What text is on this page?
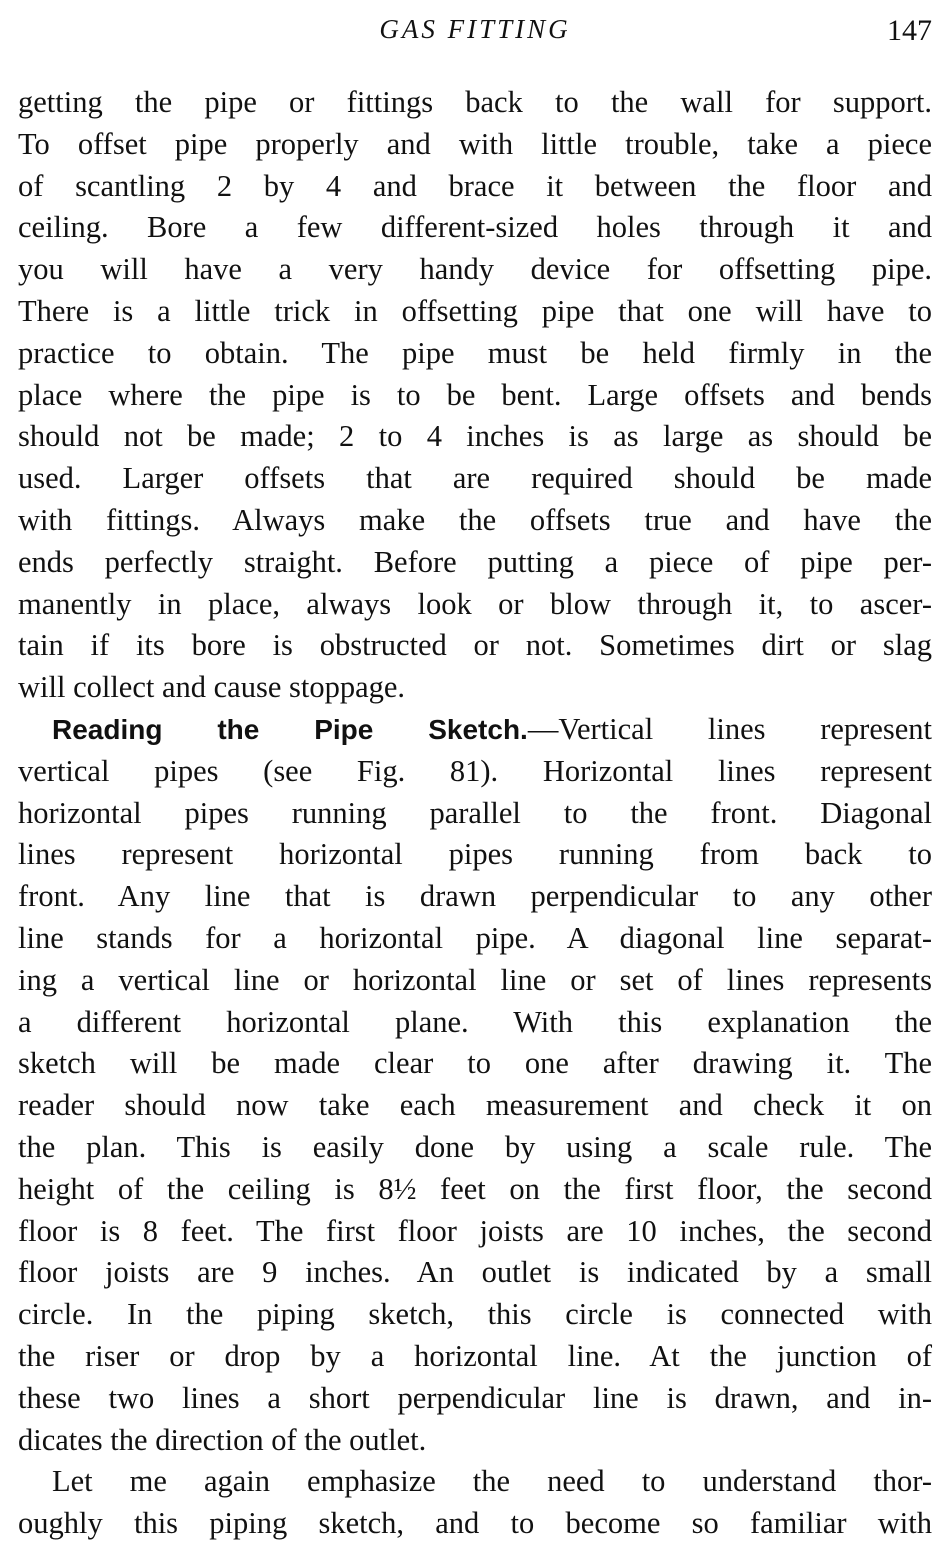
GAS FITTING	147
getting the pipe or fittings back to the wall for support.
To offset pipe properly and with little trouble, take a piece
of scantling 2 by 4 and brace it between the floor and
ceiling. Bore a few different-sized holes through it and
you will have a very handy device for offsetting pipe.
There is a little trick in offsetting pipe that one will have to
practice to obtain. The pipe must be held firmly in the
place where the pipe is to be bent. Large offsets and bends
should not be made; 2 to 4 inches is as large as should be
used. Larger offsets that are required should be made
with fittings. Always make the offsets true and have the
ends perfectly straight. Before putting a piece of pipe per-
manently in place, always look or blow through it, to ascer-
tain if its bore is obstructed or not. Sometimes dirt or slag
will collect and cause stoppage.
Reading the Pipe Sketch.—Vertical lines represent
vertical pipes (see Fig. 81). Horizontal lines represent
horizontal pipes running parallel to the front. Diagonal
lines represent horizontal pipes running from back to
front. Any line that is drawn perpendicular to any other
line stands for a horizontal pipe. A diagonal line separat-
ing a vertical line or horizontal line or set of lines represents
a different horizontal plane. With this explanation the
sketch will be made clear to one after drawing it. The
reader should now take each measurement and check it on
the plan. This is easily done by using a scale rule. The
height of the ceiling is 8½ feet on the first floor, the second
floor is 8 feet. The first floor joists are 10 inches, the second
floor joists are 9 inches. An outlet is indicated by a small
circle. In the piping sketch, this circle is connected with
the riser or drop by a horizontal line. At the junction of
these two lines a short perpendicular line is drawn, and in-
dicates the direction of the outlet.
Let me again emphasize the need to understand thor-
oughly this piping sketch, and to become so familiar with
